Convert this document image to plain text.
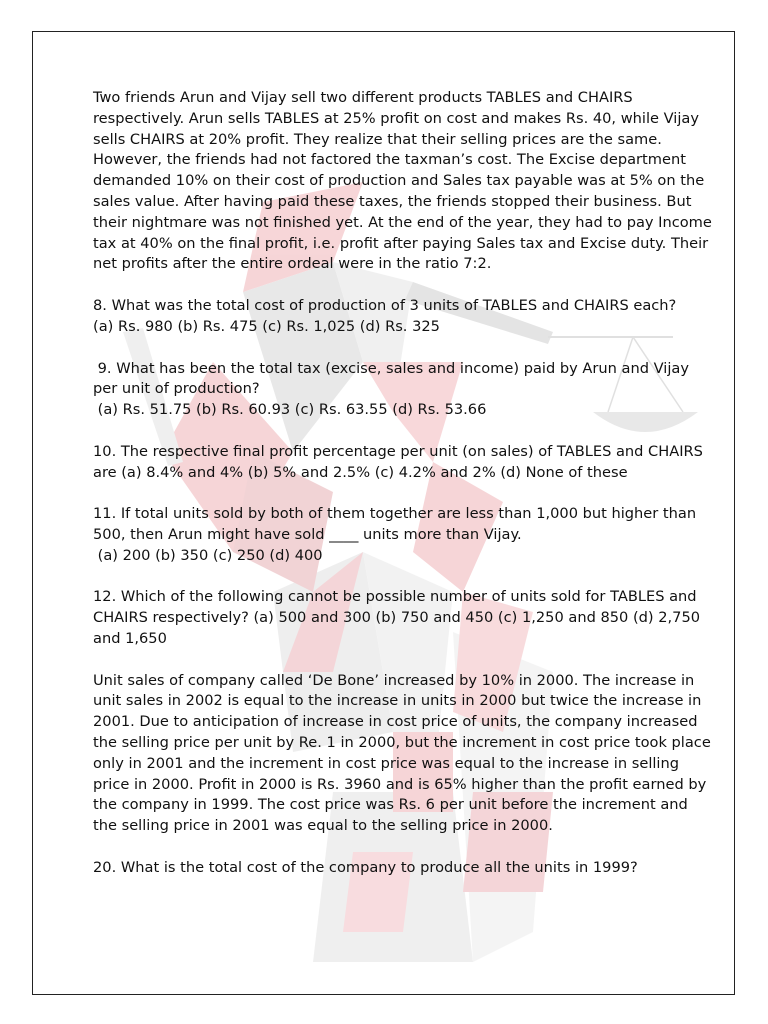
Two friends Arun and Vijay sell two different products TABLES and CHAIRS respectively. Arun sells TABLES at 25% profit on cost and makes Rs. 40, while Vijay sells CHAIRS at 20% profit. They realize that their selling prices are the same. However, the friends had not factored the taxman’s cost. The Excise department demanded 10% on their cost of production and Sales tax payable was at 5% on the sales value. After having paid these taxes, the friends stopped their business. But their nightmare was not finished yet. At the end of the year, they had to pay Income tax at 40% on the final profit, i.e. profit after paying Sales tax and Excise duty. Their net profits after the entire ordeal were in the ratio 7:2.

8. What was the total cost of production of 3 units of TABLES and CHAIRS each?
(a) Rs. 980 (b) Rs. 475 (c) Rs. 1,025 (d) Rs. 325

9. What has been the total tax (excise, sales and income) paid by Arun and Vijay per unit of production?
(a) Rs. 51.75 (b) Rs. 60.93 (c) Rs. 63.55 (d) Rs. 53.66

10. The respective final profit percentage per unit (on sales) of TABLES and CHAIRS are (a) 8.4% and 4% (b) 5% and 2.5% (c) 4.2% and 2% (d) None of these

11. If total units sold by both of them together are less than 1,000 but higher than 500, then Arun might have sold ____ units more than Vijay.
(a) 200 (b) 350 (c) 250 (d) 400

12. Which of the following cannot be possible number of units sold for TABLES and CHAIRS respectively? (a) 500 and 300 (b) 750 and 450 (c) 1,250 and 850 (d) 2,750 and 1,650

Unit sales of company called ‘De Bone’ increased by 10% in 2000. The increase in unit sales in 2002 is equal to the increase in units in 2000 but twice the increase in 2001. Due to anticipation of increase in cost price of units, the company increased the selling price per unit by Re. 1 in 2000, but the increment in cost price took place only in 2001 and the increment in cost price was equal to the increase in selling price in 2000. Profit in 2000 is Rs. 3960 and is 65% higher than the profit earned by the company in 1999. The cost price was Rs. 6 per unit before the increment and the selling price in 2001 was equal to the selling price in 2000.

20. What is the total cost of the company to produce all the units in 1999?
